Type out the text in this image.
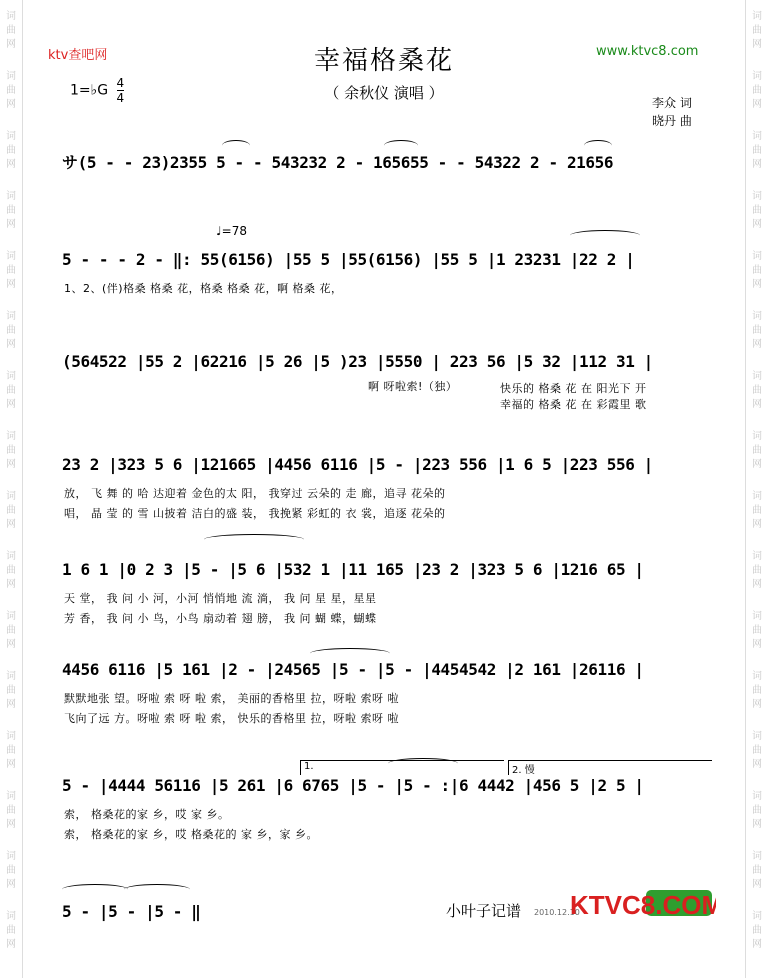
词
曲
网

词
曲
网

词
曲
网

词
曲
网

词
曲
网

词
曲
网

词
曲
网

词
曲
网

词
曲
网

词
曲
网

词
曲
网

词
曲
网

词
曲
网

词
曲
网

词
曲
网

词
曲
网

词
曲
网

词
曲
网

词
曲
网

词
曲
网

词
曲
网

词
曲
网

词
曲
网

词
曲
网

词
曲
网

词
曲
网

词
曲
网

词
曲
网

词
曲
网

词
曲
网

词
曲
网

词
曲
网

ktv查吧网	www.ktvc8.com
幸福格桑花
（ 余秋仪 演唱 ）
1=♭G $\frac{4}{4}$	李众 词
晓丹 曲
♩=78
サ(5 - - 23)2355 5 - - 543232 2 - 165655 - - 54322 2 - 21656
5 - - - 2 - ‖: 55(6156) |55 5 |55(6156) |55 5 |1 23231 |22 2 |
1、2、(伴)格桑 格桑 花，格桑 格桑 花，啊 格桑 花，
(564522 |55 2 |62216 |5 26 |5 )23 |5550 | 223 56 |5 32 |112 31 |
啊 呀啦索!（独）	快乐的 格桑 花 在 阳光下 开
幸福的 格桑 花 在 彩霞里 歌
23 2 |323 5 6 |121665 |4456 6116 |5 - |223 556 |1 6 5 |223 556 |
放， 飞 舞 的 哈 达迎着 金色的太 阳， 我穿过 云朵的 走 廊，追寻 花朵的
唱， 晶 莹 的 雪 山披着 洁白的盛 装， 我挽紧 彩虹的 衣 裳，追逐 花朵的
1 6 1 |0 2 3 |5 - |5 6 |532 1 |11 165 |23 2 |323 5 6 |1216 65 |
天 堂， 我 问 小 河，小河 悄悄地 流 淌， 我 问 星 星，星星
芳 香， 我 问 小 鸟，小鸟 扇动着 翅 膀， 我 问 蝴 蝶，蝴蝶
4456 6116 |5 161 |2 - |24565 |5 - |5 - |4454542 |2 161 |26116 |
默默地张 望。呀啦 索 呀 啦 索， 美丽的香格里 拉，呀啦 索呀 啦
飞向了远 方。呀啦 索 呀 啦 索， 快乐的香格里 拉，呀啦 索呀 啦
5 - |4444 56116 |5 261 |6 6765 |5 - |5 - :|6 4442 |456 5 |2 5 |
索， 格桑花的家 乡，哎 家 乡。
索， 格桑花的家 乡，哎 格桑花的 家 乡，家 乡。
5 - |5 - |5 - ‖
1.	2. 慢
小叶子记谱 2010.12.10
KTVC8.COM
